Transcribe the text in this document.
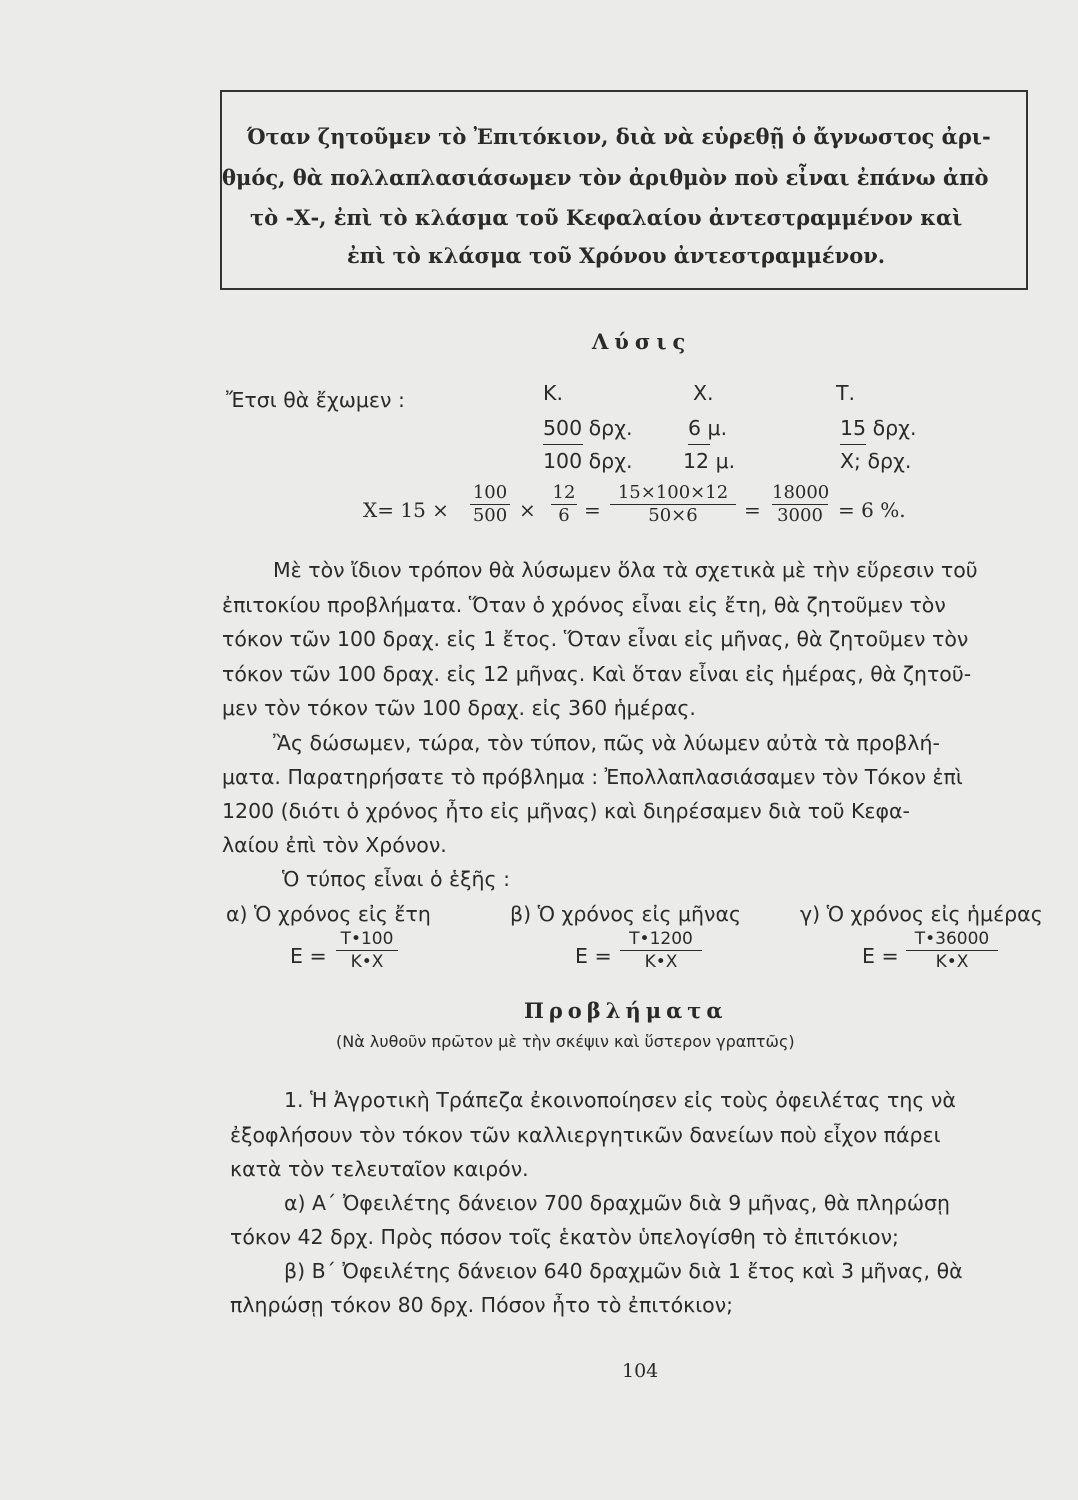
Όταν ζητοῦμεν τὸ Ἐπιτόκιον, διὰ νὰ εὑρεθῇ ὁ ἄγνωστος ἀρι-
θμός, θὰ πολλαπλασιάσωμεν τὸν ἀριθμὸν ποὺ εἶναι ἐπάνω ἀπὸ
τὸ -Χ-, ἐπὶ τὸ κλάσμα τοῦ Κεφαλαίου ἀντεστραμμένον καὶ
ἐπὶ τὸ κλάσμα τοῦ Χρόνου ἀντεστραμμένον.
Λύσις
Ἔτσι θὰ ἔχωμεν :	Κ.	Χ.	Τ.
500 δρχ.	6 μ.	15 δρχ.
100 δρχ. 12 μ.	Χ; δρχ.
Χ= 15 ×
100
500 ×
12
6 =
15×100×12
50×6	=
18000
3000 = 6 %.
Μὲ τὸν ἴδιον τρόπον θὰ λύσωμεν ὅλα τὰ σχετικὰ μὲ τὴν εὕρεσιν τοῦ
ἐπιτοκίου προβλήματα. Ὅταν ὁ χρόνος εἶναι εἰς ἔτη, θὰ ζητοῦμεν τὸν
τόκον τῶν 100 δραχ. εἰς 1 ἔτος. Ὅταν εἶναι εἰς μῆνας, θὰ ζητοῦμεν τὸν
τόκον τῶν 100 δραχ. εἰς 12 μῆνας. Καὶ ὅταν εἶναι εἰς ἡμέρας, θὰ ζητοῦ-
μεν τὸν τόκον τῶν 100 δραχ. εἰς 360 ἡμέρας.
Ἂς δώσωμεν, τώρα, τὸν τύπον, πῶς νὰ λύωμεν αὐτὰ τὰ προβλή-
ματα. Παρατηρήσατε τὸ πρόβλημα : Ἐπολλαπλασιάσαμεν τὸν Τόκον ἐπὶ
1200 (διότι ὁ χρόνος ἦτο εἰς μῆνας) καὶ διηρέσαμεν διὰ τοῦ Κεφα-
λαίου ἐπὶ τὸν Χρόνον.
Ὁ τύπος εἶναι ὁ ἑξῆς :
α) Ὁ χρόνος εἰς ἔτη	β) Ὁ χρόνος εἰς μῆνας	γ) Ὁ χρόνος εἰς ἡμέρας
Ε =
Τ•100
Κ•Χ	Ε =
Τ•1200
Κ•Χ	Ε =
Τ•36000
Κ•Χ
Προβλήματα
(Νὰ λυθοῦν πρῶτον μὲ τὴν σκέψιν καὶ ὕστερον γραπτῶς)
1. Ἡ Ἀγροτικὴ Τράπεζα ἐκοινοποίησεν εἰς τοὺς ὀφειλέτας της νὰ
ἐξοφλήσουν τὸν τόκον τῶν καλλιεργητικῶν δανείων ποὺ εἶχον πάρει
κατὰ τὸν τελευταῖον καιρόν.
α) Α΄ Ὀφειλέτης δάνειον 700 δραχμῶν διὰ 9 μῆνας, θὰ πληρώσῃ
τόκον 42 δρχ. Πρὸς πόσον τοῖς ἑκατὸν ὑπελογίσθη τὸ ἐπιτόκιον;
β) Β΄ Ὀφειλέτης δάνειον 640 δραχμῶν διὰ 1 ἔτος καὶ 3 μῆνας, θὰ
πληρώσῃ τόκον 80 δρχ. Πόσον ἦτο τὸ ἐπιτόκιον;
104
